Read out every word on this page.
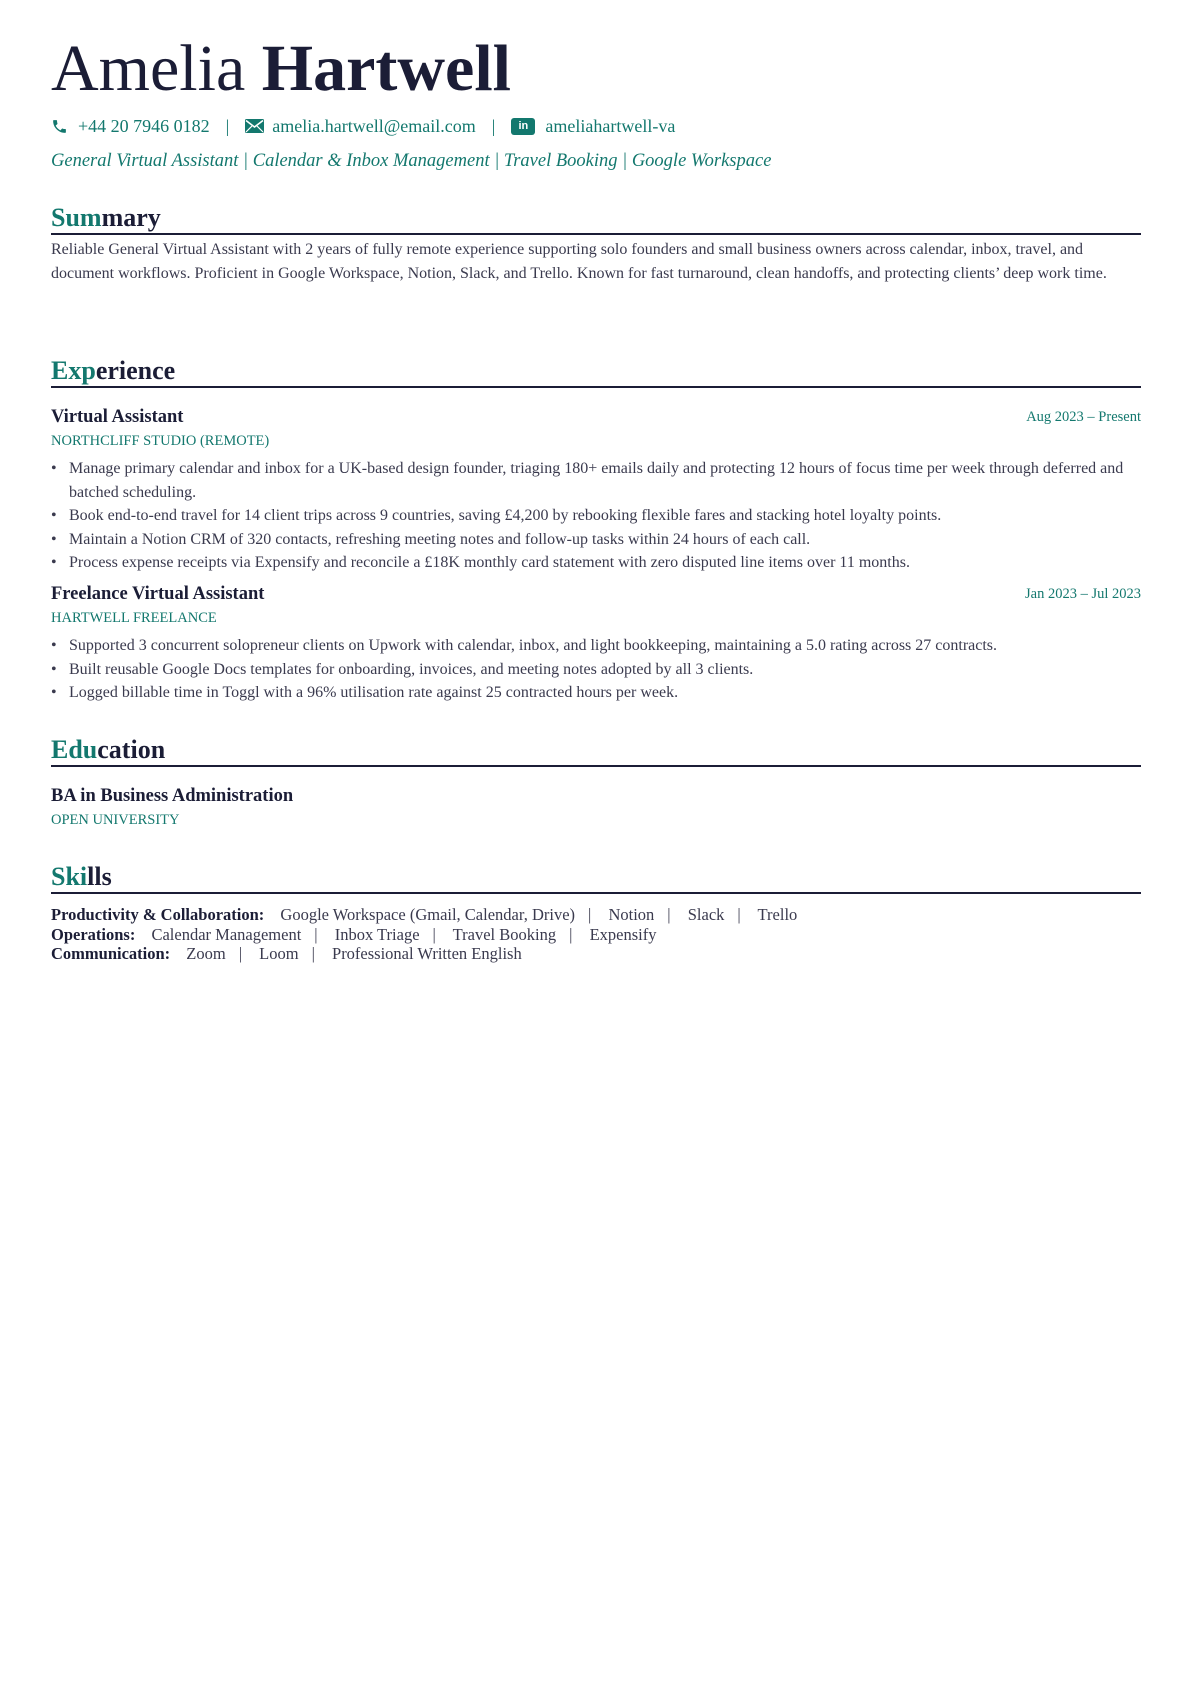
Amelia Hartwell
+44 20 7946 0182 | amelia.hartwell@email.com |	in ameliahartwell-va
General Virtual Assistant | Calendar & Inbox Management | Travel Booking | Google Workspace
Summary
Reliable General Virtual Assistant with 2 years of fully remote experience supporting solo founders and small business owners across calendar, inbox, travel, and document workflows. Proficient in Google Workspace, Notion, Slack, and Trello. Known for fast turnaround, clean handoffs, and protecting clients’ deep work time.
Experience
Virtual Assistant	Aug 2023 – Present
NORTHCLIFF STUDIO (REMOTE)
• Manage primary calendar and inbox for a UK-based design founder, triaging 180+ emails daily and protecting 12 hours of focus time per week through deferred and batched scheduling.
• Book end-to-end travel for 14 client trips across 9 countries, saving £4,200 by rebooking flexible fares and stacking hotel loyalty points.
• Maintain a Notion CRM of 320 contacts, refreshing meeting notes and follow-up tasks within 24 hours of each call.
• Process expense receipts via Expensify and reconcile a £18K monthly card statement with zero disputed line items over 11 months.
Freelance Virtual Assistant	Jan 2023 – Jul 2023
HARTWELL FREELANCE
• Supported 3 concurrent solopreneur clients on Upwork with calendar, inbox, and light bookkeeping, maintaining a 5.0 rating across 27 contracts.
• Built reusable Google Docs templates for onboarding, invoices, and meeting notes adopted by all 3 clients.
• Logged billable time in Toggl with a 96% utilisation rate against 25 contracted hours per week.
Education
BA in Business Administration
OPEN UNIVERSITY
Skills
Productivity & Collaboration: Google Workspace (Gmail, Calendar, Drive) | Notion | Slack | Trello
Operations: Calendar Management | Inbox Triage | Travel Booking | Expensify
Communication: Zoom | Loom | Professional Written English
